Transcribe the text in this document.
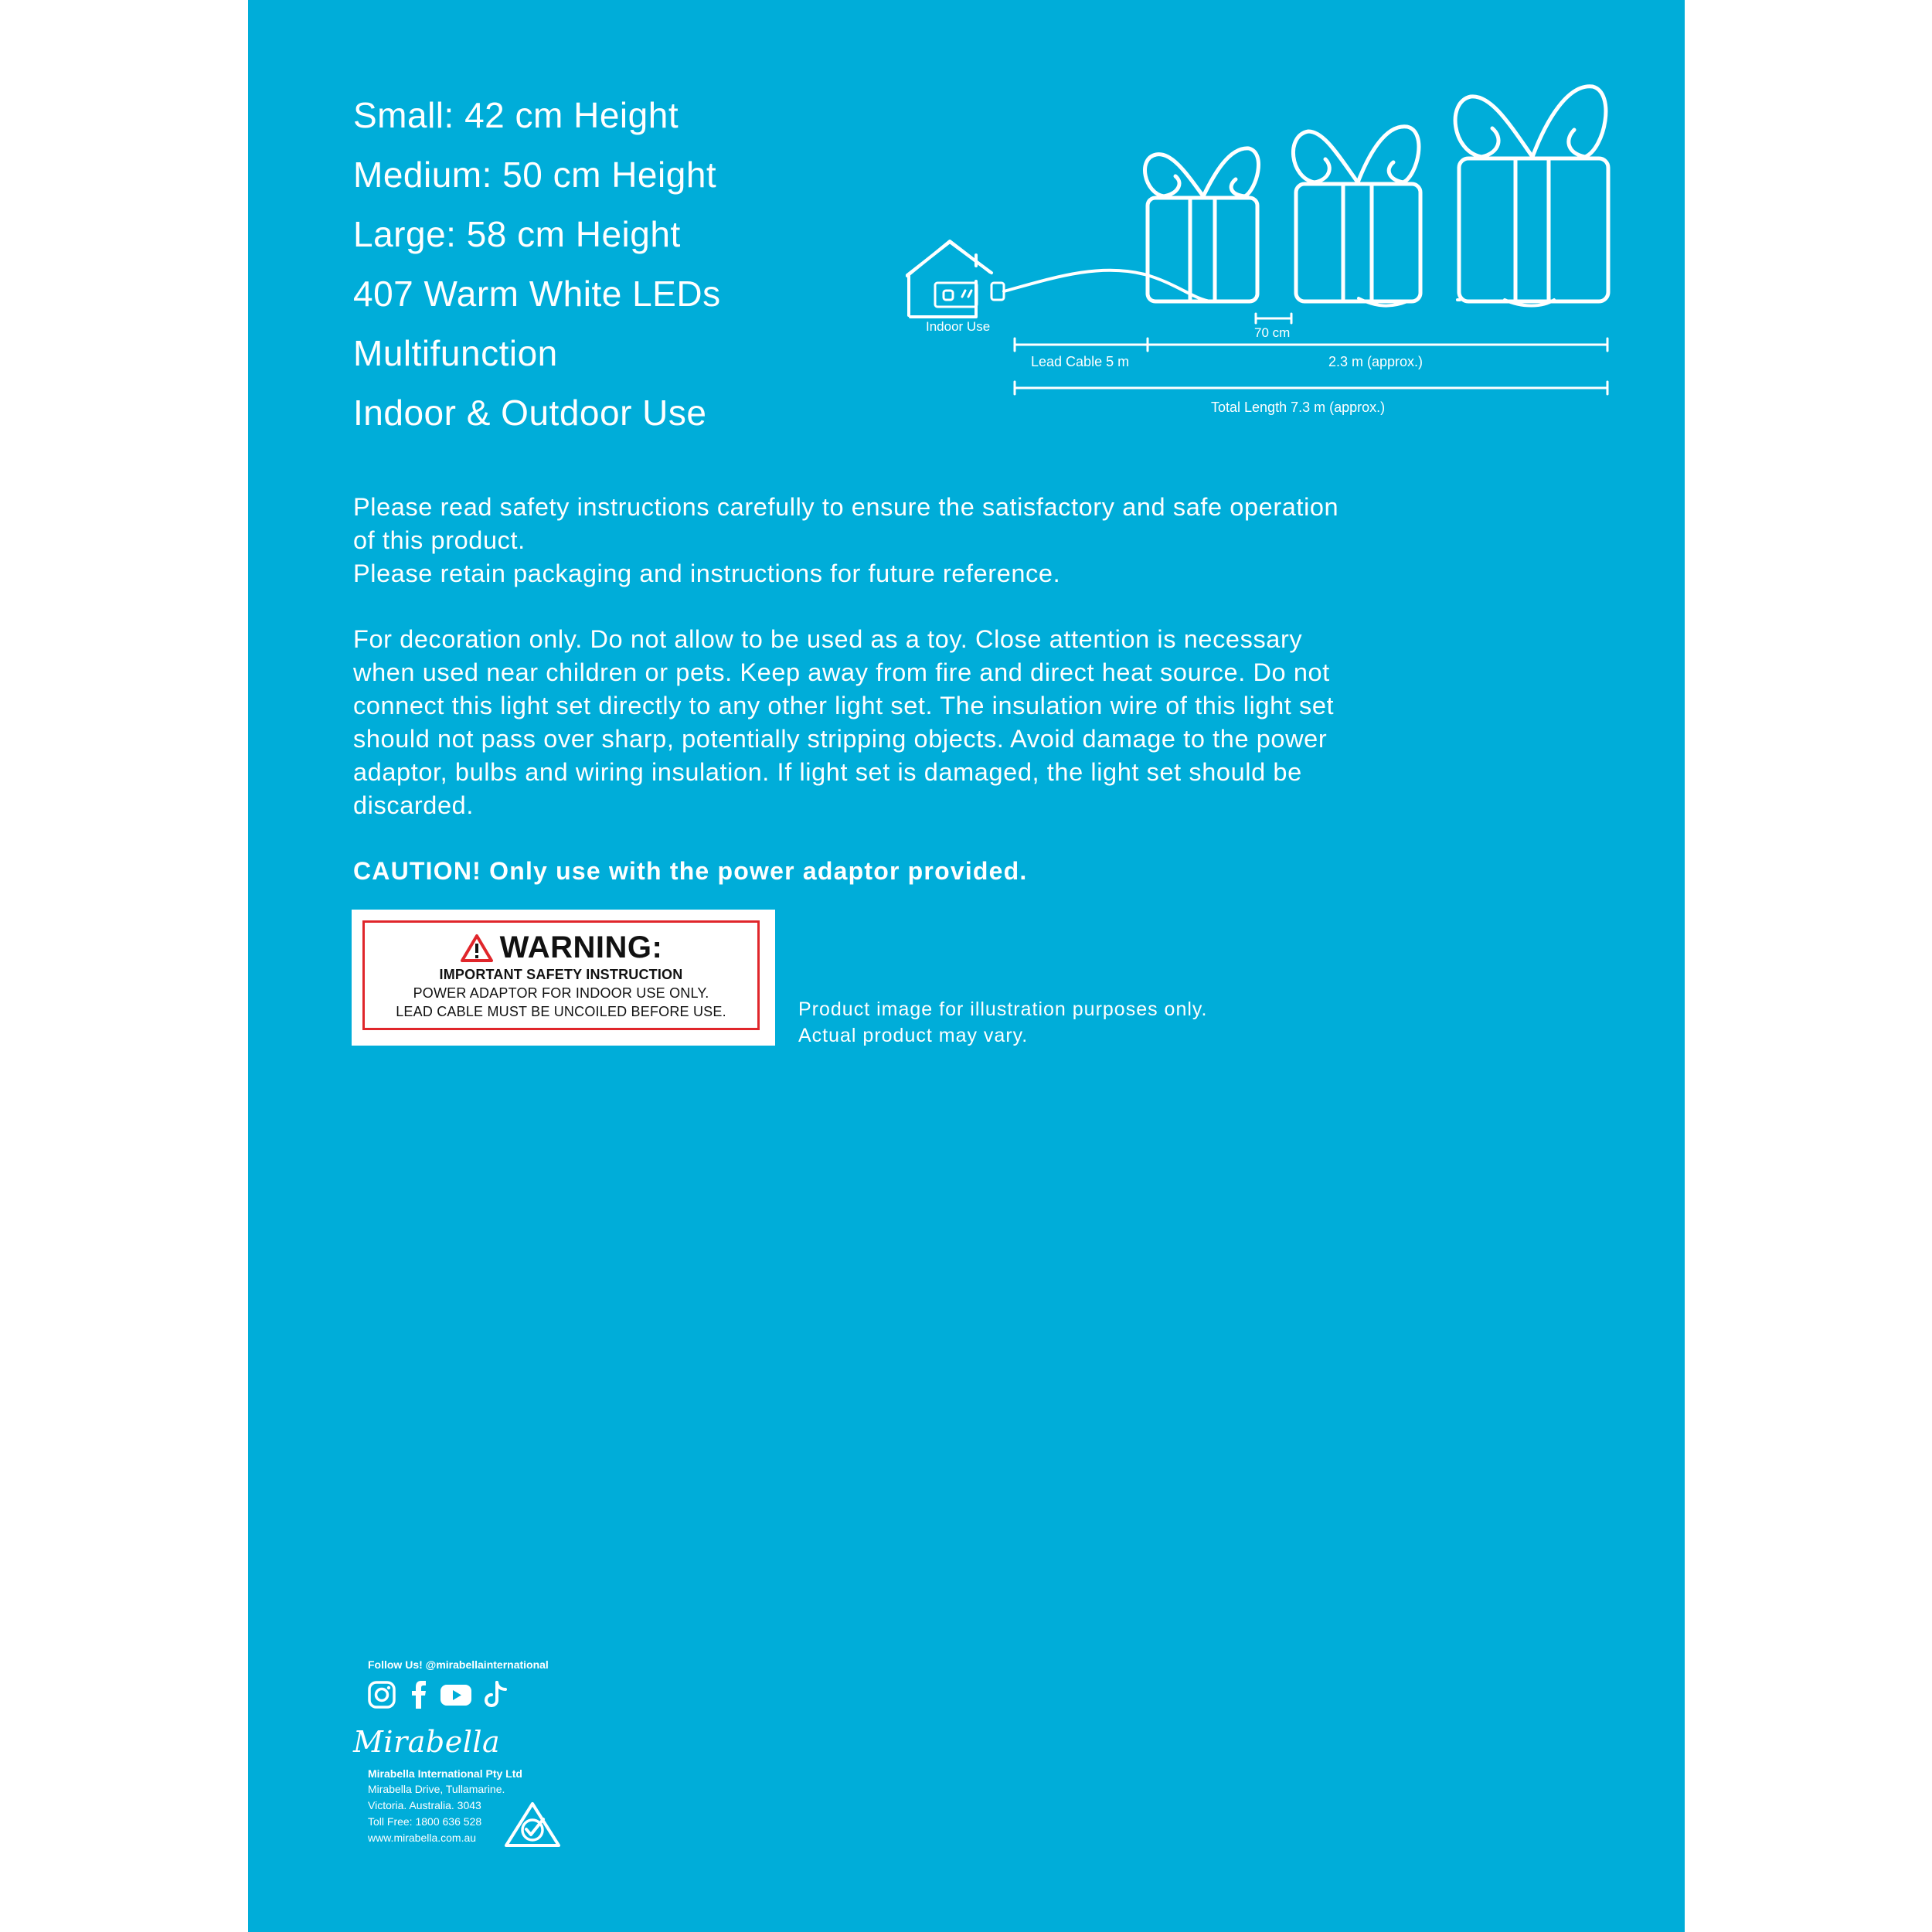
Small: 42 cm Height
Medium: 50 cm Height
Large: 58 cm Height
407 Warm White LEDs
Multifunction
Indoor & Outdoor Use
Indoor Use	70 cm
Lead Cable 5 m	2.3 m (approx.)
Total Length 7.3 m (approx.)
Please read safety instructions carefully to ensure the satisfactory and safe operation
of this product.
Please retain packaging and instructions for future reference.
For decoration only. Do not allow to be used as a toy. Close attention is necessary
when used near children or pets. Keep away from fire and direct heat source. Do not
connect this light set directly to any other light set. The insulation wire of this light set
should not pass over sharp, potentially stripping objects. Avoid damage to the power
adaptor, bulbs and wiring insulation. If light set is damaged, the light set should be
discarded.
CAUTION! Only use with the power adaptor provided.
WARNING:
IMPORTANT SAFETY INSTRUCTION
POWER ADAPTOR FOR INDOOR USE ONLY.
LEAD CABLE MUST BE UNCOILED BEFORE USE.	Product image for illustration purposes only.
Actual product may vary.
Follow Us! @mirabellainternational
Mirabella
Mirabella International Pty Ltd
Mirabella Drive, Tullamarine.
Victoria. Australia. 3043
Toll Free: 1800 636 528
www.mirabella.com.au
